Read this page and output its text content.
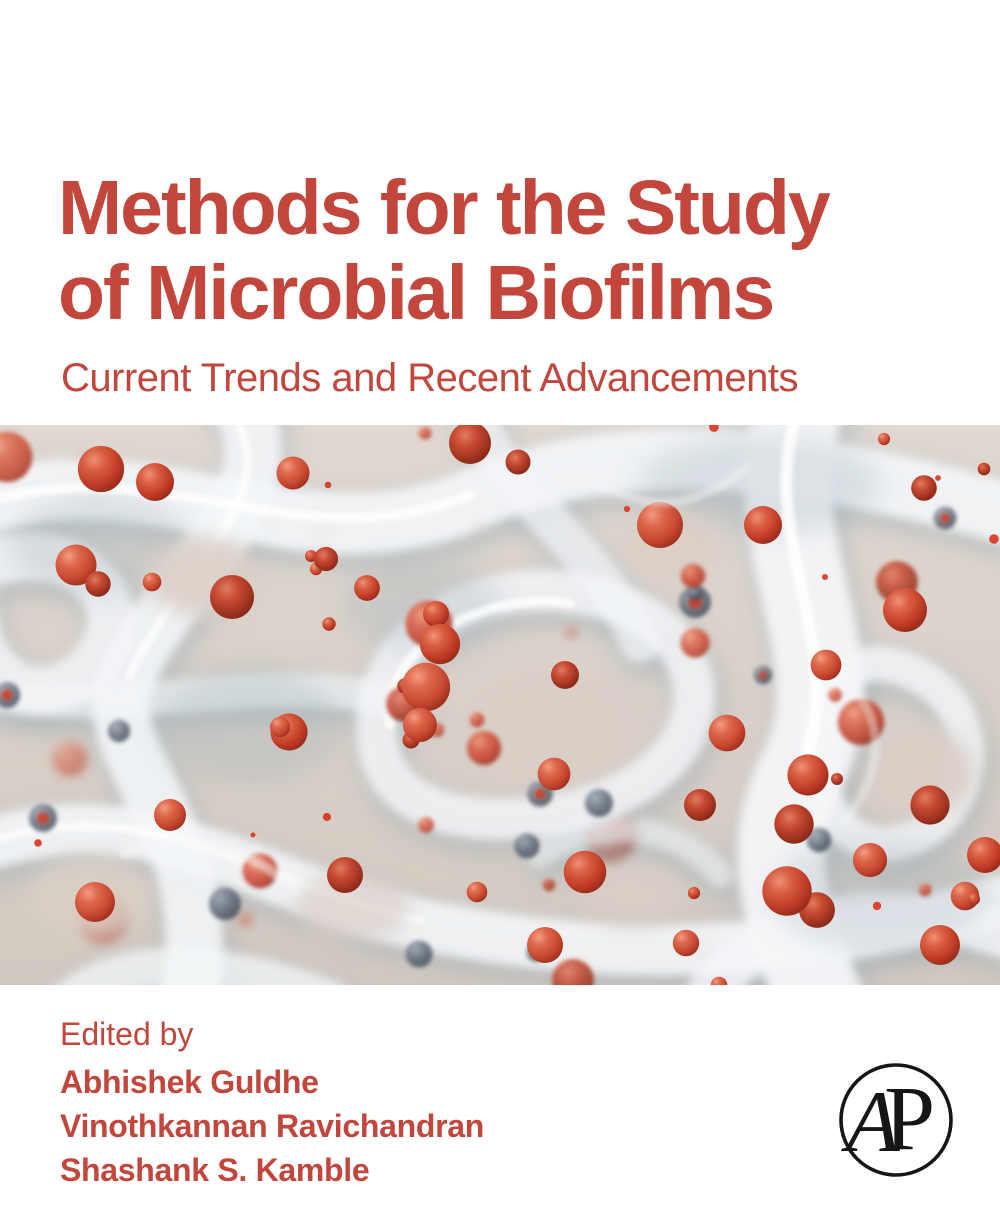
Methods for the Study
of Microbial Biofilms
Current Trends and Recent Advancements
Edited by
Abhishek Guldhe
Vinothkannan Ravichandran
Shashank S. Kamble	A
P
